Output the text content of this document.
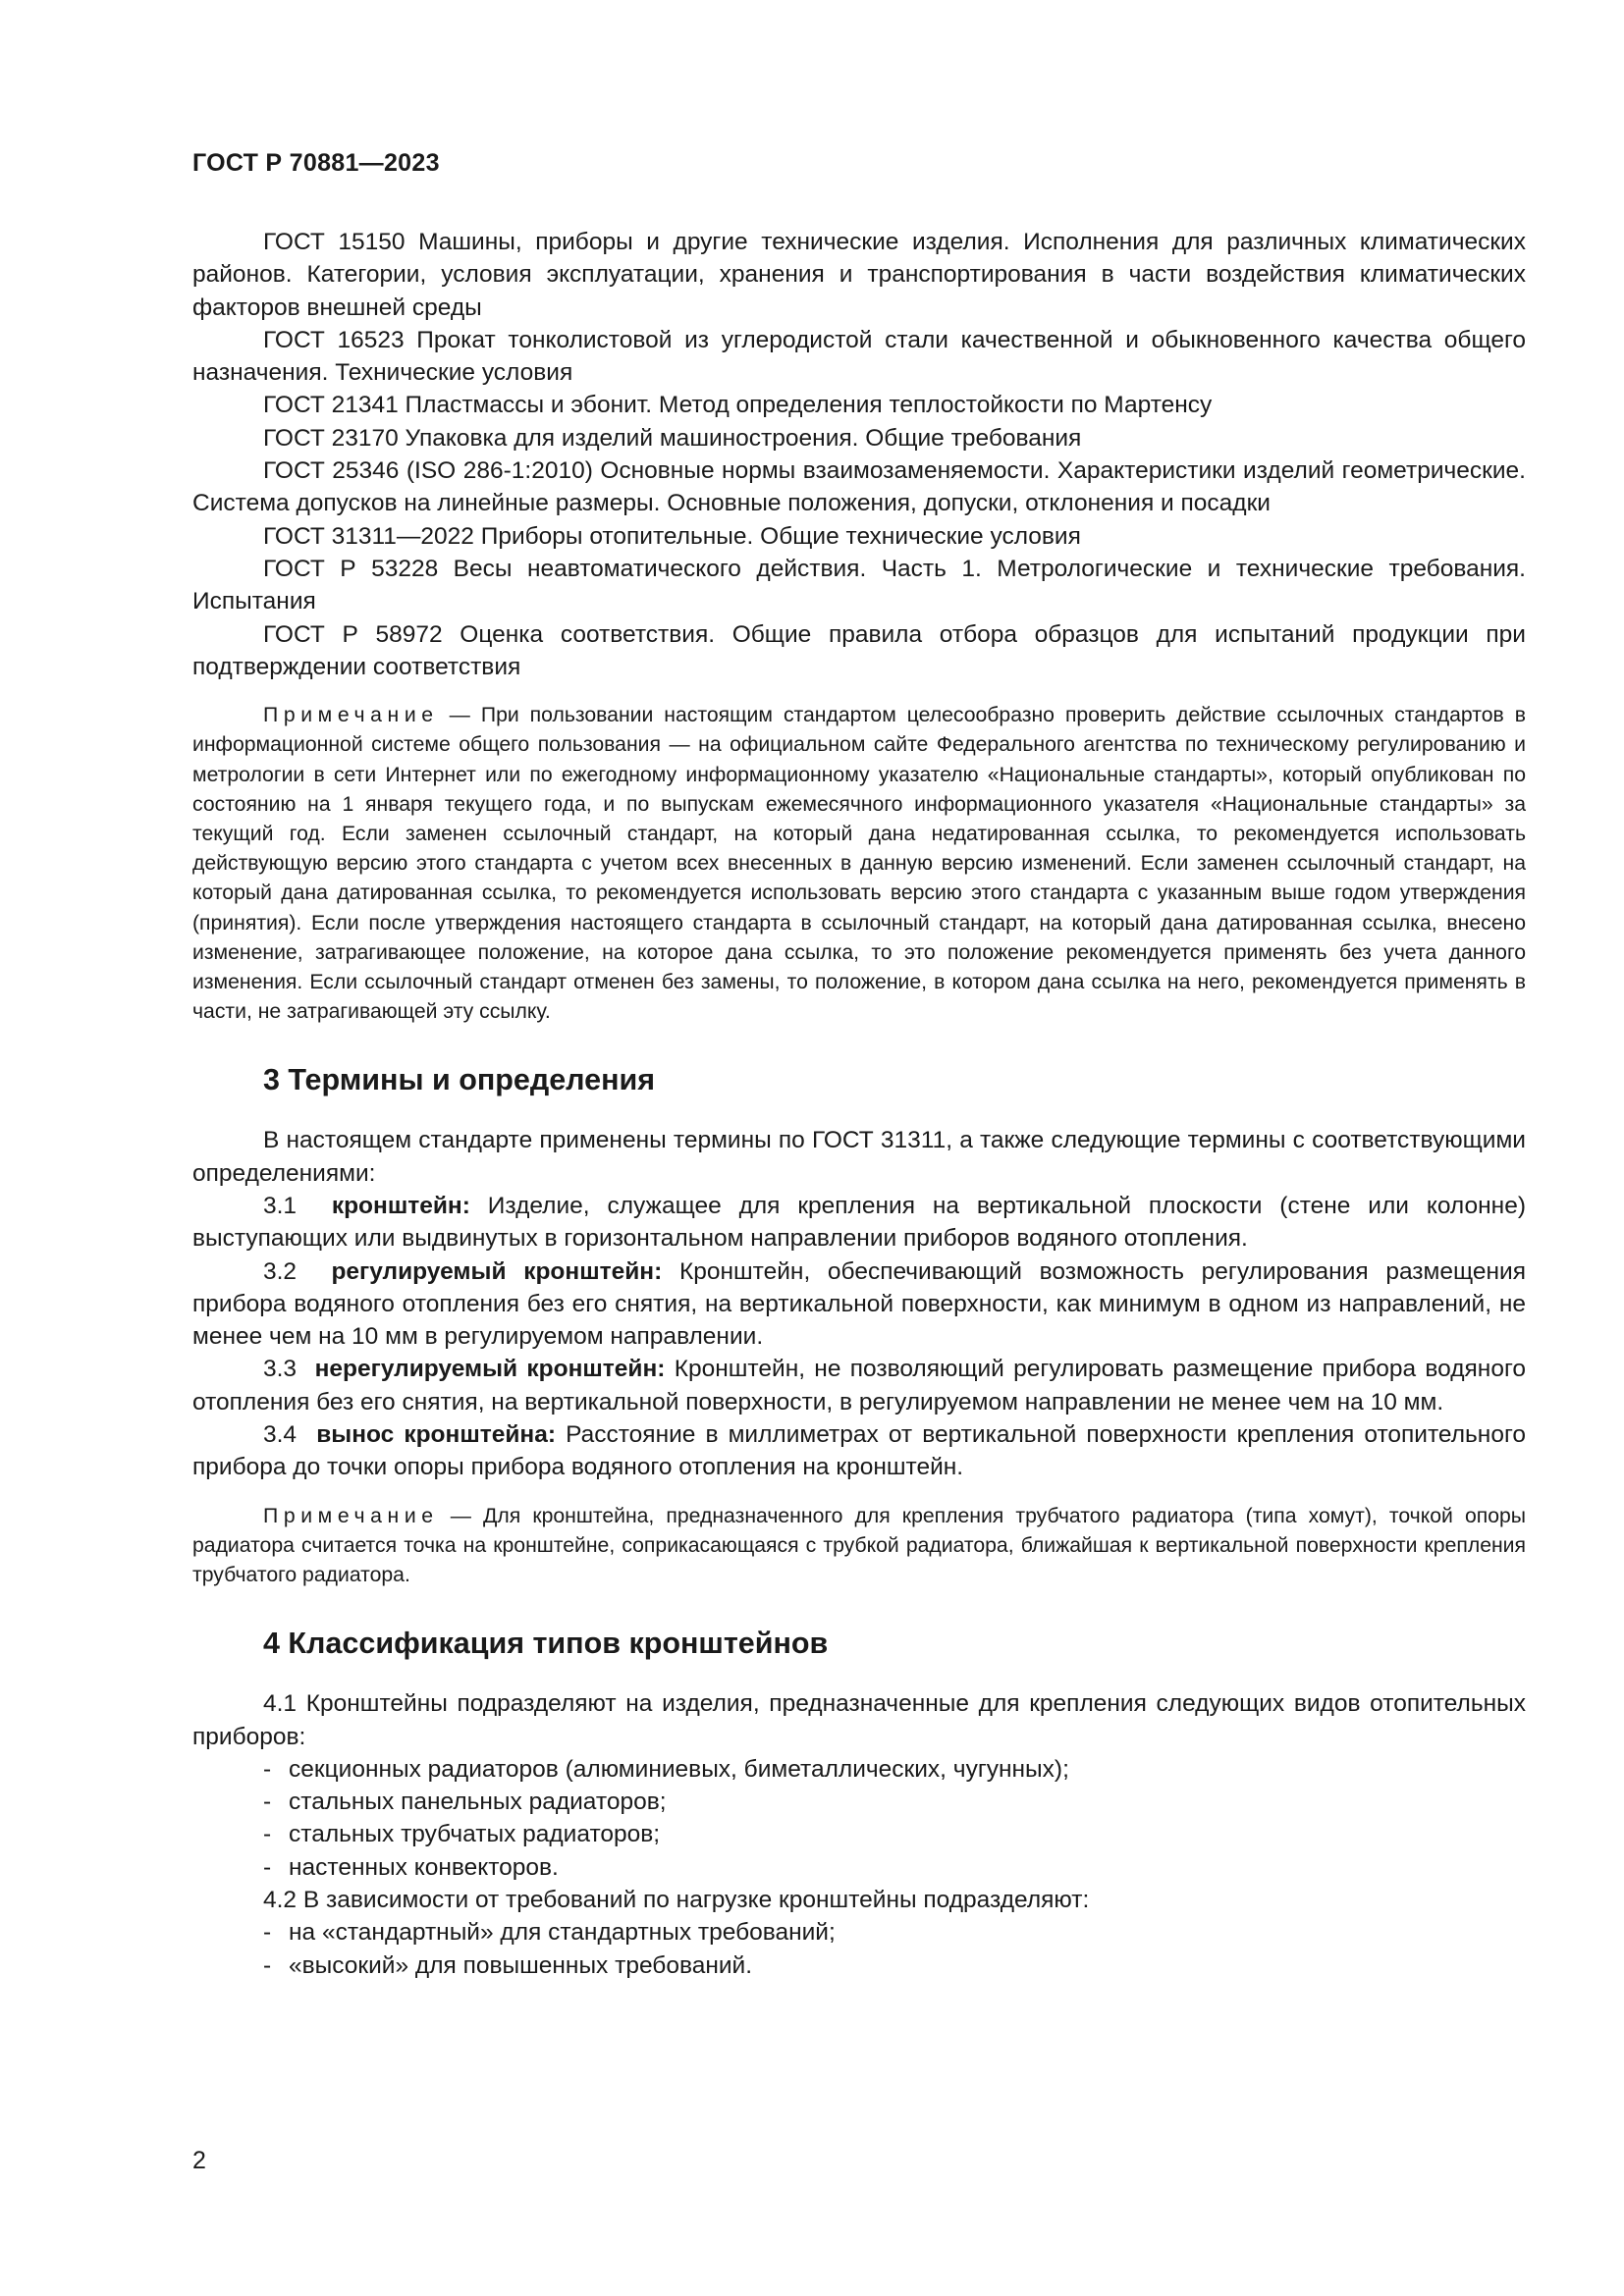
ГОСТ Р 70881—2023

ГОСТ 15150 Машины, приборы и другие технические изделия. Исполнения для различных климатических районов. Категории, условия эксплуатации, хранения и транспортирования в части воздействия климатических факторов внешней среды

ГОСТ 16523 Прокат тонколистовой из углеродистой стали качественной и обыкновенного качества общего назначения. Технические условия

ГОСТ 21341 Пластмассы и эбонит. Метод определения теплостойкости по Мартенсу

ГОСТ 23170 Упаковка для изделий машиностроения. Общие требования

ГОСТ 25346 (ISO 286-1:2010) Основные нормы взаимозаменяемости. Характеристики изделий геометрические. Система допусков на линейные размеры. Основные положения, допуски, отклонения и посадки

ГОСТ 31311—2022 Приборы отопительные. Общие технические условия

ГОСТ Р 53228 Весы неавтоматического действия. Часть 1. Метрологические и технические требования. Испытания

ГОСТ Р 58972 Оценка соответствия. Общие правила отбора образцов для испытаний продукции при подтверждении соответствия

Примечание — При пользовании настоящим стандартом целесообразно проверить действие ссылочных стандартов в информационной системе общего пользования — на официальном сайте Федерального агентства по техническому регулированию и метрологии в сети Интернет или по ежегодному информационному указателю «Национальные стандарты», который опубликован по состоянию на 1 января текущего года, и по выпускам ежемесячного информационного указателя «Национальные стандарты» за текущий год. Если заменен ссылочный стандарт, на который дана недатированная ссылка, то рекомендуется использовать действующую версию этого стандарта с учетом всех внесенных в данную версию изменений. Если заменен ссылочный стандарт, на который дана датированная ссылка, то рекомендуется использовать версию этого стандарта с указанным выше годом утверждения (принятия). Если после утверждения настоящего стандарта в ссылочный стандарт, на который дана датированная ссылка, внесено изменение, затрагивающее положение, на которое дана ссылка, то это положение рекомендуется применять без учета данного изменения. Если ссылочный стандарт отменен без замены, то положение, в котором дана ссылка на него, рекомендуется применять в части, не затрагивающей эту ссылку.

3 Термины и определения

В настоящем стандарте применены термины по ГОСТ 31311, а также следующие термины с соответствующими определениями:

3.1 кронштейн: Изделие, служащее для крепления на вертикальной плоскости (стене или колонне) выступающих или выдвинутых в горизонтальном направлении приборов водяного отопления.

3.2 регулируемый кронштейн: Кронштейн, обеспечивающий возможность регулирования размещения прибора водяного отопления без его снятия, на вертикальной поверхности, как минимум в одном из направлений, не менее чем на 10 мм в регулируемом направлении.

3.3 нерегулируемый кронштейн: Кронштейн, не позволяющий регулировать размещение прибора водяного отопления без его снятия, на вертикальной поверхности, в регулируемом направлении не менее чем на 10 мм.

3.4 вынос кронштейна: Расстояние в миллиметрах от вертикальной поверхности крепления отопительного прибора до точки опоры прибора водяного отопления на кронштейн.

Примечание — Для кронштейна, предназначенного для крепления трубчатого радиатора (типа хомут), точкой опоры радиатора считается точка на кронштейне, соприкасающаяся с трубкой радиатора, ближайшая к вертикальной поверхности крепления трубчатого радиатора.

4 Классификация типов кронштейнов

4.1 Кронштейны подразделяют на изделия, предназначенные для крепления следующих видов отопительных приборов:

- секционных радиаторов (алюминиевых, биметаллических, чугунных);

- стальных панельных радиаторов;

- стальных трубчатых радиаторов;

- настенных конвекторов.

4.2 В зависимости от требований по нагрузке кронштейны подразделяют:

- на «стандартный» для стандартных требований;

- «высокий» для повышенных требований.

2
